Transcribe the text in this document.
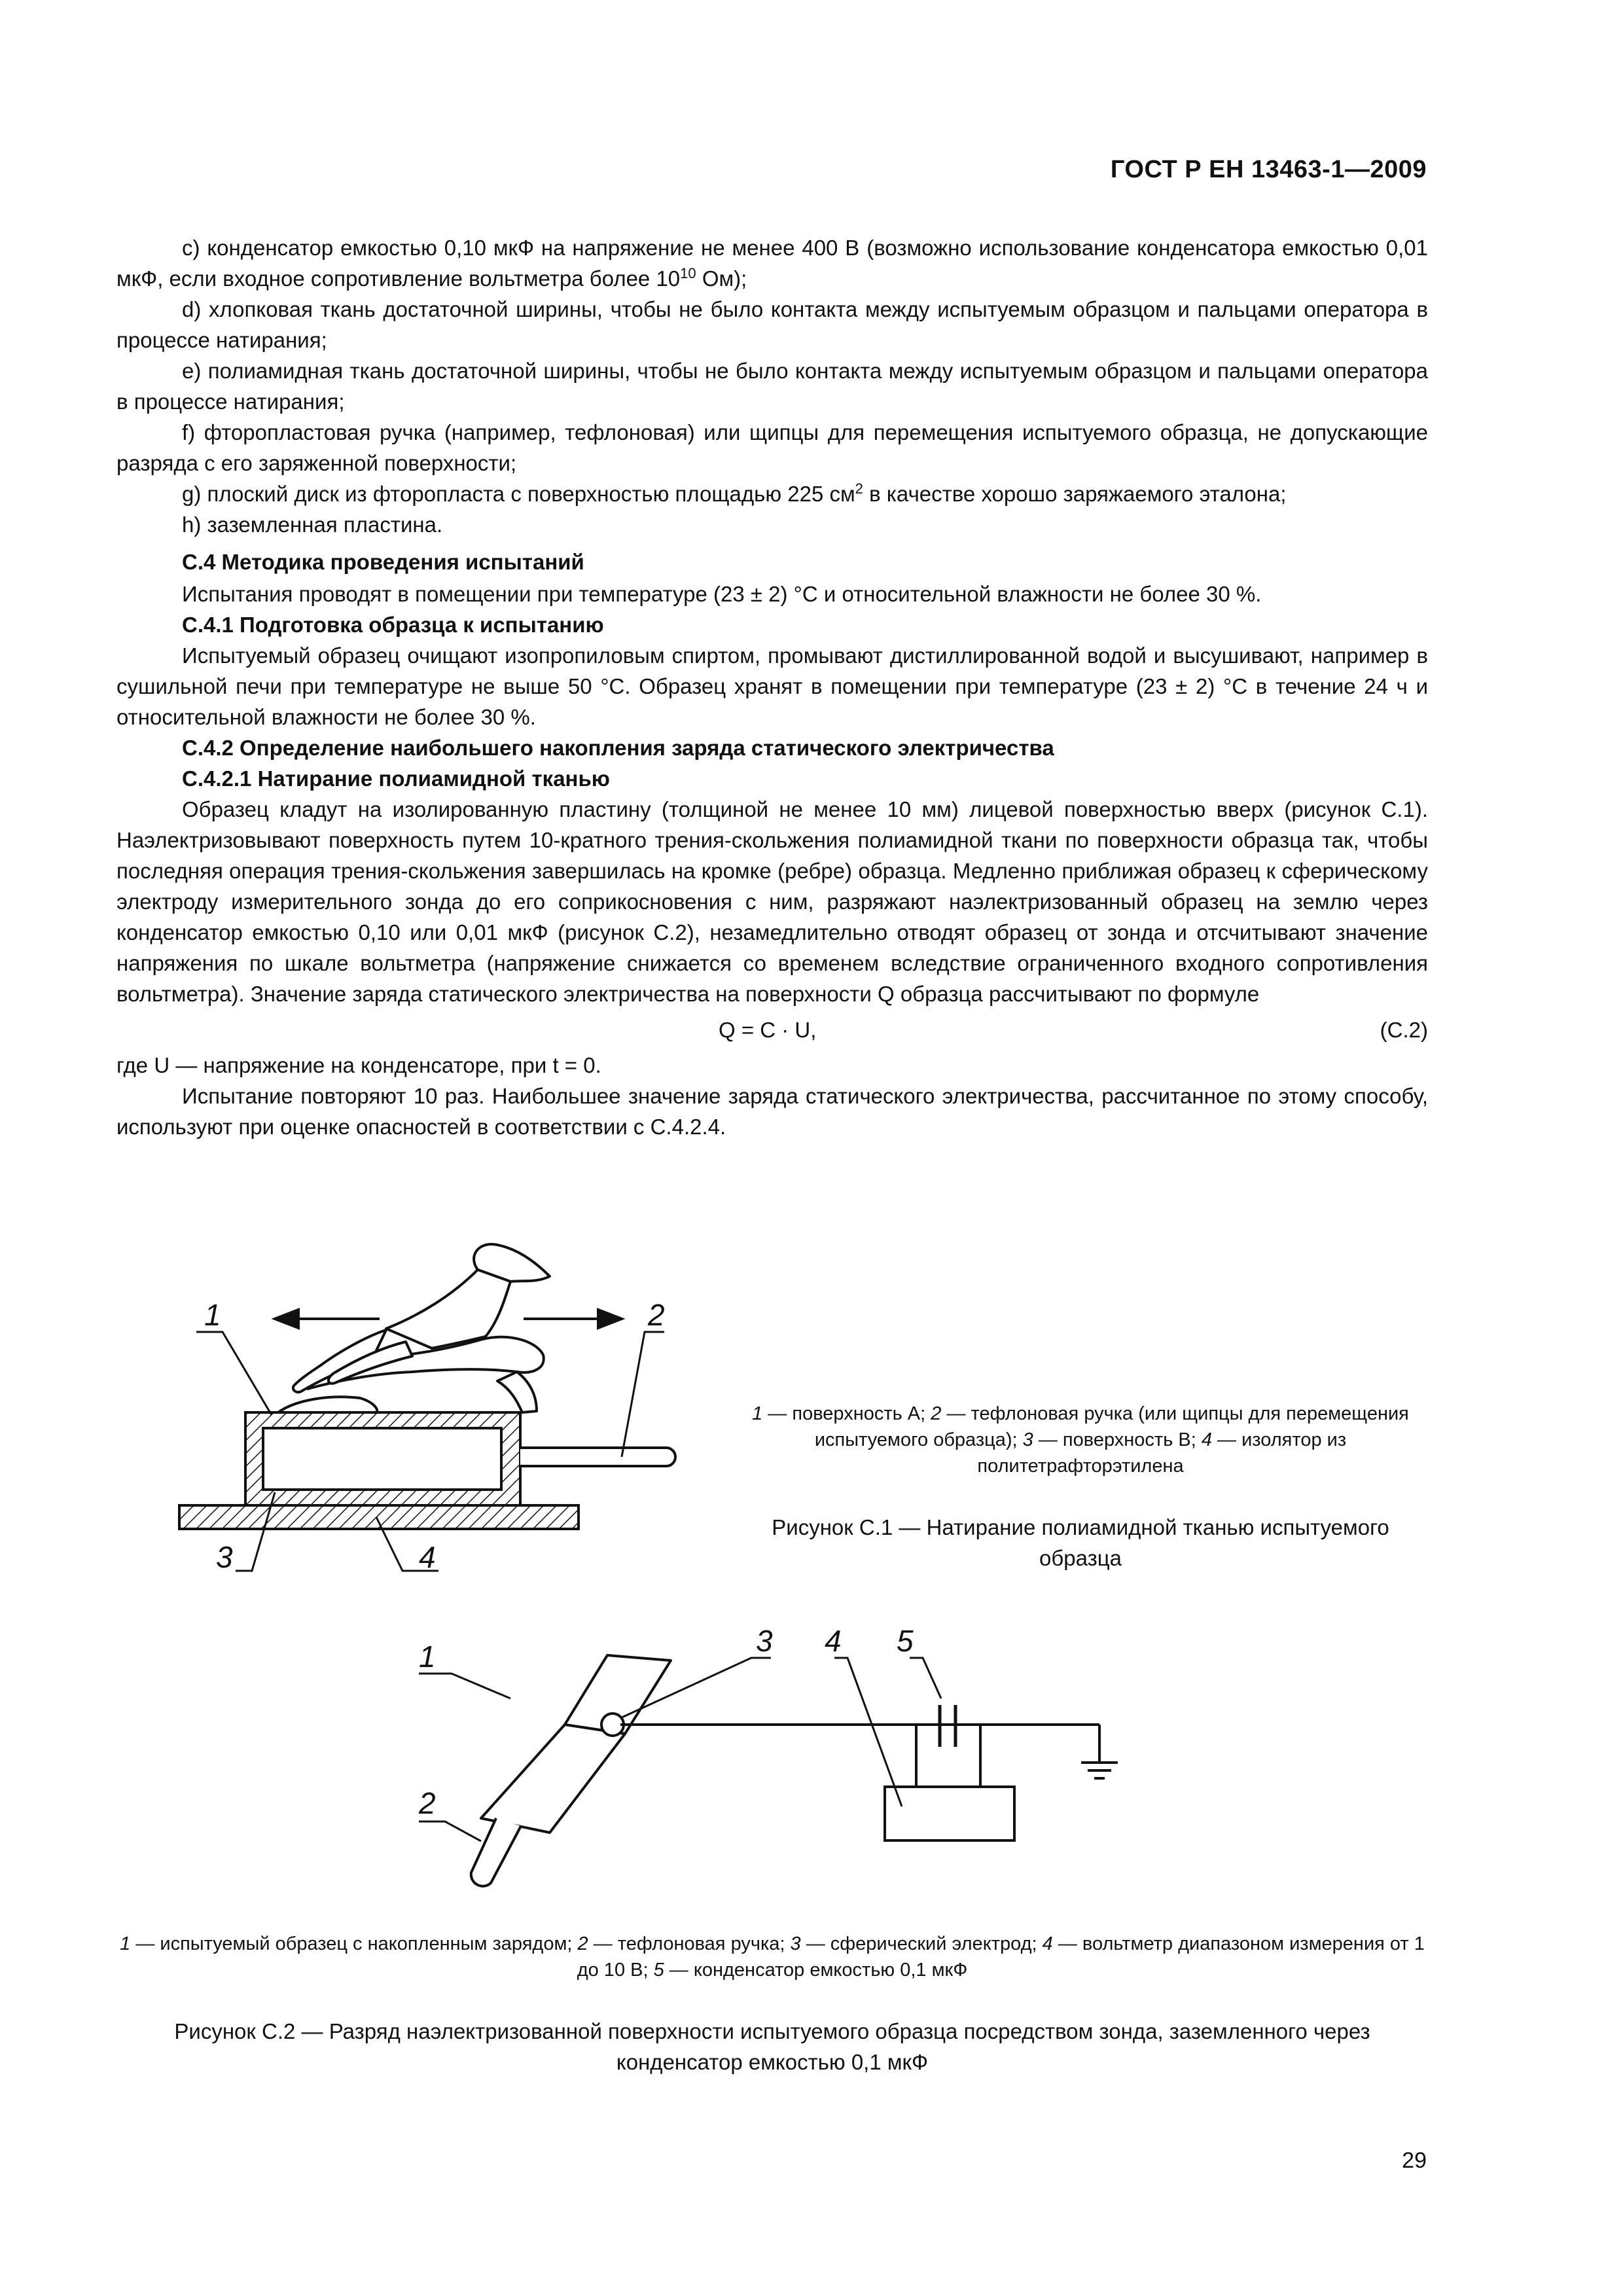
ГОСТ Р ЕН 13463-1—2009

c) конденсатор емкостью 0,10 мкФ на напряжение не менее 400 В (возможно использование конденсатора емкостью 0,01 мкФ, если входное сопротивление вольтметра более $10^{10}$ Ом);

d) хлопковая ткань достаточной ширины, чтобы не было контакта между испытуемым образцом и пальцами оператора в процессе натирания;

e) полиамидная ткань достаточной ширины, чтобы не было контакта между испытуемым образцом и пальцами оператора в процессе натирания;

f) фторопластовая ручка (например, тефлоновая) или щипцы для перемещения испытуемого образца, не допускающие разряда с его заряженной поверхности;

g) плоский диск из фторопласта с поверхностью площадью 225 $см^2$ в качестве хорошо заряжаемого эталона;

h) заземленная пластина.

С.4 Методика проведения испытаний

Испытания проводят в помещении при температуре (23 ± 2) °С и относительной влажности не более 30 %.

С.4.1 Подготовка образца к испытанию

Испытуемый образец очищают изопропиловым спиртом, промывают дистиллированной водой и высушивают, например в сушильной печи при температуре не выше 50 °С. Образец хранят в помещении при температуре (23 ± 2) °С в течение 24 ч и относительной влажности не более 30 %.

С.4.2 Определение наибольшего накопления заряда статического электричества

С.4.2.1 Натирание полиамидной тканью

Образец кладут на изолированную пластину (толщиной не менее 10 мм) лицевой поверхностью вверх (рисунок С.1). Наэлектризовывают поверхность путем 10-кратного трения-скольжения полиамидной ткани по поверхности образца так, чтобы последняя операция трения-скольжения завершилась на кромке (ребре) образца. Медленно приближая образец к сферическому электроду измерительного зонда до его соприкосновения с ним, разряжают наэлектризованный образец на землю через конденсатор емкостью 0,10 или 0,01 мкФ (рисунок С.2), незамедлительно отводят образец от зонда и отсчитывают значение напряжения по шкале вольтметра (напряжение снижается со временем вследствие ограниченного входного сопротивления вольтметра). Значение заряда статического электричества на поверхности Q образца рассчитывают по формуле

Q = C · U,	(С.2)

где U — напряжение на конденсаторе, при t = 0.

Испытание повторяют 10 раз. Наибольшее значение заряда статического электричества, рассчитанное по этому способу, используют при оценке опасностей в соответствии с С.4.2.4.

1	2
3	4
1 — поверхность А; 2 — тефлоновая ручка (или щипцы для перемещения испытуемого образца); 3 — поверхность В; 4 — изолятор из политетрафторэтилена
Рисунок С.1 — Натирание полиамидной тканью испытуемого образца
1
2
3 4 5
1 — испытуемый образец с накопленным зарядом; 2 — тефлоновая ручка; 3 — сферический электрод; 4 — вольтметр диапазоном измерения от 1 до 10 В; 5 — конденсатор емкостью 0,1 мкФ
Рисунок С.2 — Разряд наэлектризованной поверхности испытуемого образца посредством зонда, заземленного через конденсатор емкостью 0,1 мкФ
29
